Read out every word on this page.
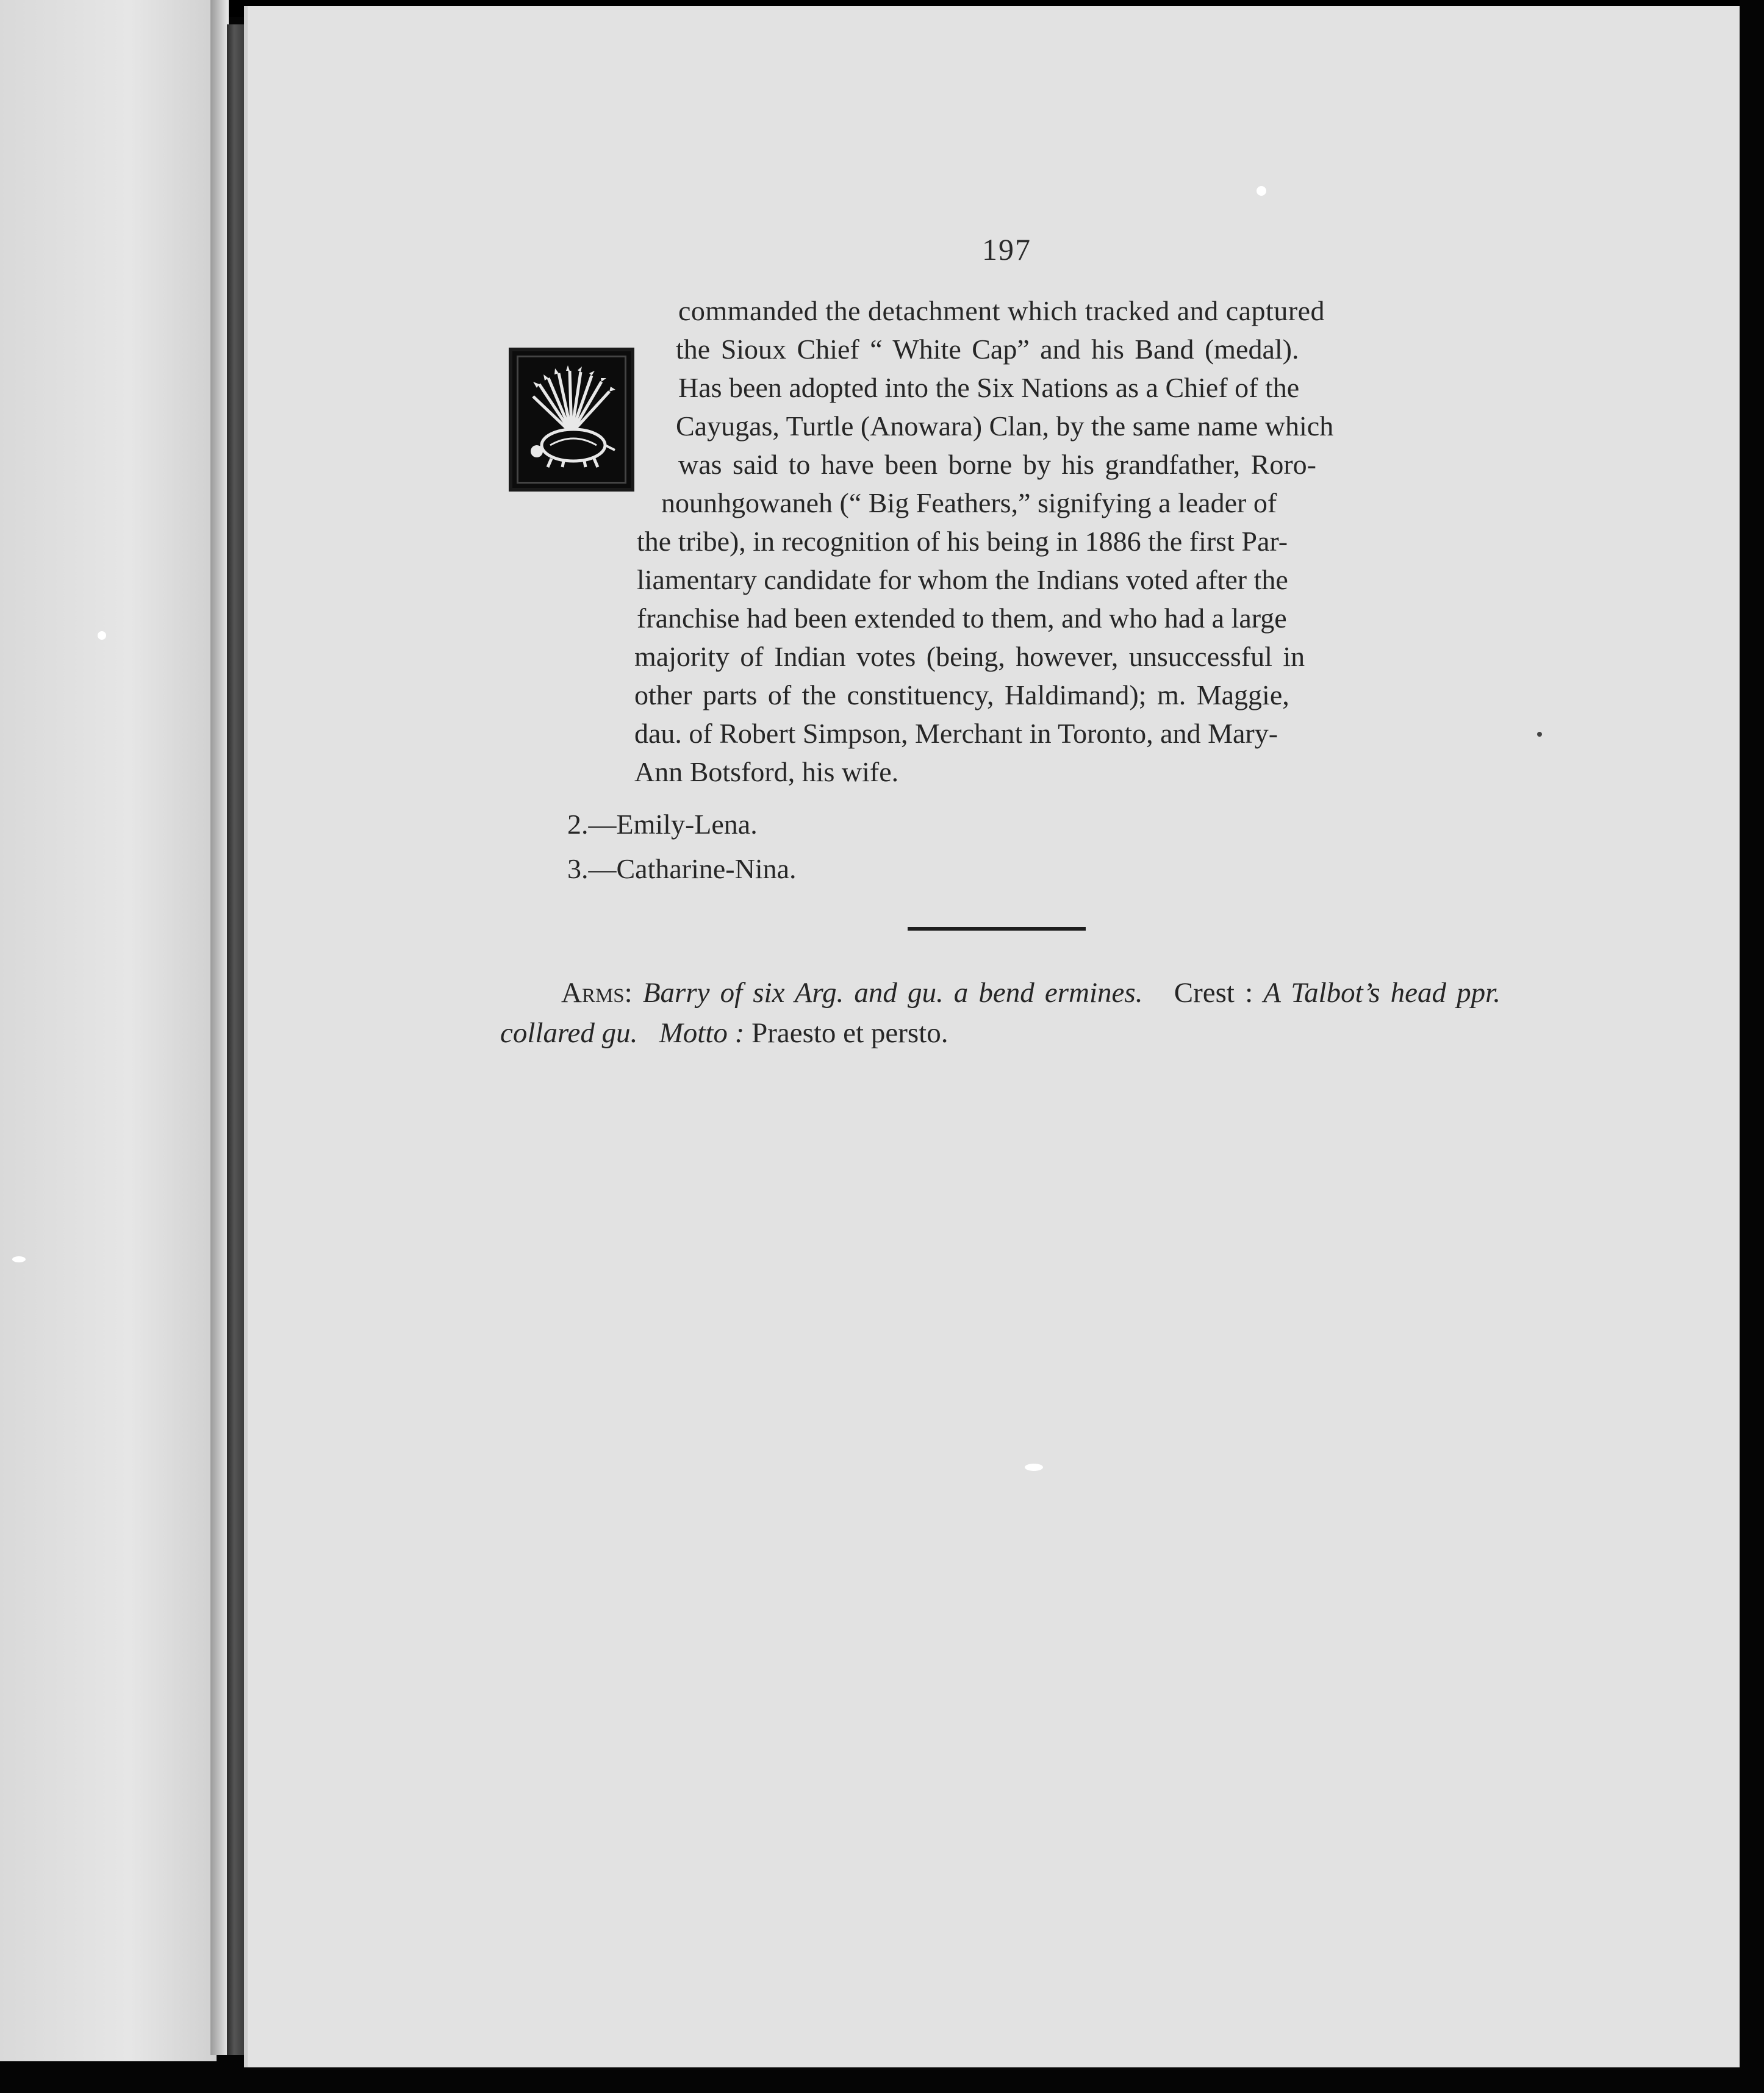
197
commanded the detachment which tracked and captured
the Sioux Chief “ White Cap” and his Band (medal).
Has been adopted into the Six Nations as a Chief of the
Cayugas, Turtle (Anowara) Clan, by the same name which
was said to have been borne by his grandfather, Roro-
nounhgowaneh (“ Big Feathers,” signifying a leader of
the tribe), in recognition of his being in 1886 the first Par-
liamentary candidate for whom the Indians voted after the
franchise had been extended to them, and who had a large
majority of Indian votes (being, however, unsuccessful in
other parts of the constituency, Haldimand); m. Maggie,
dau. of Robert Simpson, Merchant in Toronto, and Mary-
Ann Botsford, his wife.
2.—Emily-Lena.
3.—Catharine-Nina.
Arms: Barry of six Arg. and gu. a bend ermines. Crest : A Talbot’s head ppr. collared gu. Motto : Praesto et persto.
